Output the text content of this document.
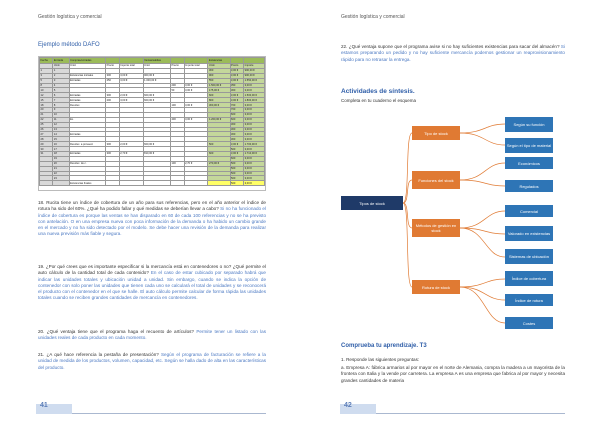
Gestión logística y comercial
Ejemplo método DAFO
Fecha	Entrada	Compras/entradas			Ventas/salidas			Existencias		
	Unid.	Unid.	Precio	Importe total	Unid.	Precio	Importe total	Unid.	Precio	Importe
1	1							300	3,00 €	900,00 €
3	2	Existencias iniciales	300	3,00 €	900,00 €			900	3,00 €	900,00 €
5	3	Entradas	250	3,00 €	1.000,00 €			550	3,00 €	1.550,00 €
8	4					200	3,00 €	1.500,00 €	350	3,00 €
10	5					50	3,00 €	175,00 €	300	3,00 €
12	6	Entradas	300	2,00 €	600,00 €			600	3,00 €	1.500,00 €
15	7	Entradas	200	3,00 €	600,00 €			800	3,00 €	1.800,00 €
18	8	Devoluc.				100	3,00 €	300,00 €	700	3,00 €
20	9								700	3,00 €
21	10								600	3,00 €
22	11	Ex.				400	3,00 €	1.200,00 €	600	3,00 €
25	12								300	3,00 €
26	13								300	3,00 €
27	14	Entradas							300	3,00 €
28	15								300	3,00 €
29	16	Devoluc. a proveed.	300	2,00 €	600,00 €			500	3,00 €	1.700,00 €
30	17								500	3,00 €
31	18	Entradas	300	2,70 €	810,00 €			600	3,00 €	1.710,00 €
	19								600	3,00 €
	20	Devoluc. de c.				100	2,70 €	270,00 €	500	3,00 €
	21								500	3,00 €
	22								500	3,00 €
	23								500	3,00 €
		Existencias finales							500	3,00 €
18. Rucita tiene un índice de cobertura de un año para sus referencias, pero en el año anterior el índice de rotura ha sido del 60%. ¿Qué ha podido fallar y qué medidas se deberían llevar a cabo? Si no ha funcionado el índice de cobertura es porque las ventas se han disparado en 60 de cada 100 referencias y no se ha previsto con antelación. O en una empresa nueva con poca información de la demanda o ha habido un cambio grande en el mercado y no ha sido detectado por el modelo. Se debe hacer una revisión de la demanda para realizar una nueva previsión más fiable y segura.
19. ¿Por qué crees que es importante especificar si la mercancía está en contenedores o no? ¿Qué permite el auto cálculo de la cantidad total de cada contenido? En el caso de estar cubicado por separado habrá que indicar las unidades totales y ubicación unidad a unidad. Sin embargo, cuando se indica la opción de contenedor con solo poner las unidades que tienen cada uno se calculará el total de unidades y se reconocerá el producto con el contenedor en el que se halle. El auto cálculo permite calcular de forma rápida las unidades totales cuando se reciben grandes cantidades de mercancía en contenedores.
20. ¿Qué ventaja tiene que el programa haga el recuento de artículos? Permite tener un listado con las unidades reales de cada producto en cada momento.
21. ¿A qué hace referencia la pestaña de presentación? Según el programa de facturación se refiere a la unidad de medida de los productos, volumen, capacidad, etc. Según se halla dado de alta en las características del producto.
41
Gestión logística y comercial
22. ¿Qué ventaja supone que el programa avise si no hay suficientes existencias para sacar del almacén? Si estamos preparando un pedido y no hay suficiente mercancía podemos gestionar un reaprovisionamiento rápido para no retrasar la entrega.
Actividades de síntesis.
Completa en tu cuaderno el esquema
Tipos de stock
Tipo de stock
Funciones del stock
Métodos de gestión en stock
Rotura de stock
Según su función
Según el tipo de material
Económicos
Regulados
Comercial
Valorado en existencias
Sistemas de ubicación
Índice de cobertura
Índice de rotura
Costes
Comprueba tu aprendizaje. T3
1. Responde las siguientes preguntas:
a. Empresa A: fábrica armarios al por mayor en el norte de Alemania, compra la madera a un mayorista de la frontera con Italia y la vende por carretera. La empresa A es una empresa que fabrica al por mayor y necesita grandes cantidades de materia
42
